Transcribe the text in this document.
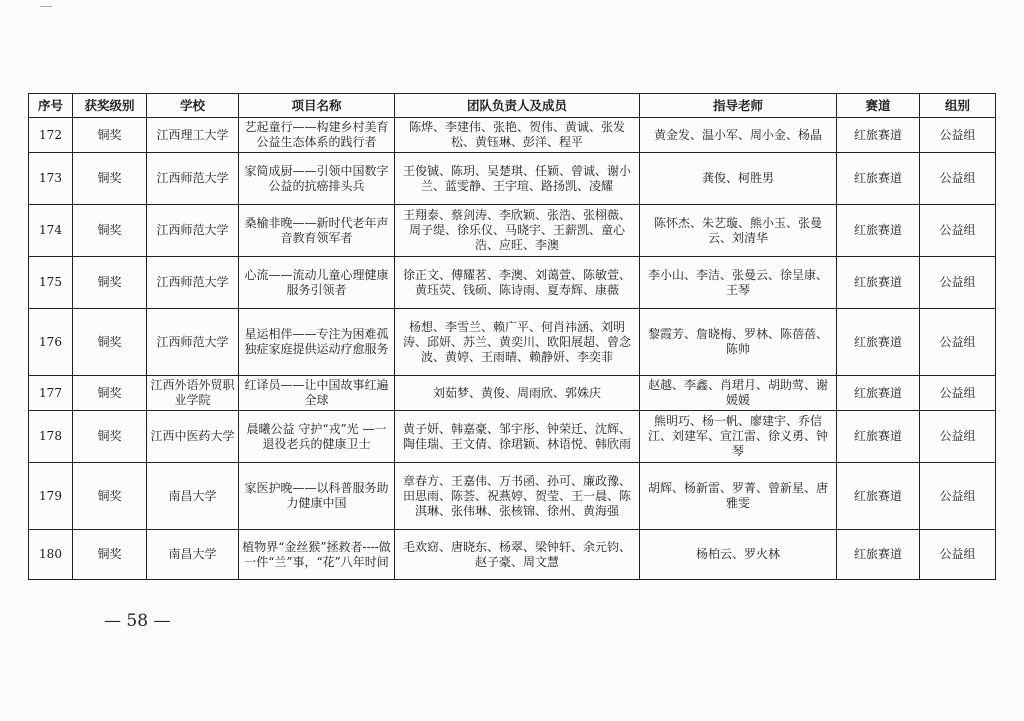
序号	获奖级别	学校	项目名称	团队负责人及成员	指导老师	赛道	组别
172	铜奖	江西理工大学	艺起童行——构建乡村美育公益生态体系的践行者	陈烨、李建伟、张艳、贺伟、黄诚、张发松、黄钰琳、彭洋、程平	黄金发、温小军、周小金、杨晶	红旅赛道	公益组
173	铜奖	江西师范大学	家简成厨——引领中国数字公益的抗癌排头兵	王俊铖、陈玥、吴楚琪、任颖、曾诚、谢小兰、蓝雯静、王宇瑄、路扬凯、凌耀	龚俊、柯胜男	红旅赛道	公益组
174	铜奖	江西师范大学	桑榆非晚——新时代老年声音教育领军者	王翔泰、蔡剑涛、李欣颖、张浩、张栩薇、周子缇、徐乐仪、马晓宇、王薪凯、童心浩、应旺、李澳	陈怀杰、朱艺璇、熊小玉、张曼云、刘清华	红旅赛道	公益组
175	铜奖	江西师范大学	心流——流动儿童心理健康服务引领者	徐正文、傅耀茗、李澳、刘蔼萱、陈敏萱、黄珏荧、钱硕、陈诗雨、夏寿辉、康薇	李小山、李洁、张曼云、徐呈康、王琴	红旅赛道	公益组
176	铜奖	江西师范大学	星运相伴——专注为困难孤独症家庭提供运动疗愈服务	杨想、李雪兰、赖广平、何肖祎涵、刘明涛、邱妍、苏兰、黄奕川、欧阳展超、曾念波、黄婷、王雨晴、赖静妍、李奕菲	黎霞芳、詹晓梅、罗林、陈蓓蓓、陈帅	红旅赛道	公益组
177	铜奖	江西外语外贸职业学院	红译员——让中国故事红遍全球	刘茹梦、黄俊、周雨欣、郭姝庆	赵越、李鑫、肖珺月、胡助莺、谢媛媛	红旅赛道	公益组
178	铜奖	江西中医药大学	晨曦公益 守护“戎”光 —一退役老兵的健康卫士	黄子妍、韩嘉豪、邹宇彤、钟荣迁、沈辉、陶佳瑞、王文倩、徐珺颖、林语悦、韩欣雨	熊明巧、杨一帆、廖建宇、乔信江、刘建军、宣江雷、徐义勇、钟琴	红旅赛道	公益组
179	铜奖	南昌大学	家医护晚——以科普服务助力健康中国	章春方、王嘉伟、万书函、孙可、廉政豫、田思雨、陈荟、祝燕婷、贺莹、王一晨、陈淇琳、张伟琳、张核锦、徐州、黄海强	胡辉、杨新雷、罗菁、曾新星、唐雅雯	红旅赛道	公益组
180	铜奖	南昌大学	植物界“金丝猴”拯救者----做一件“兰”事，“花”八年时间	毛欢窈、唐晓东、杨翠、梁钟轩、余元钧、赵子豪、周文慧	杨柏云、罗火林	红旅赛道	公益组
— 58 —
